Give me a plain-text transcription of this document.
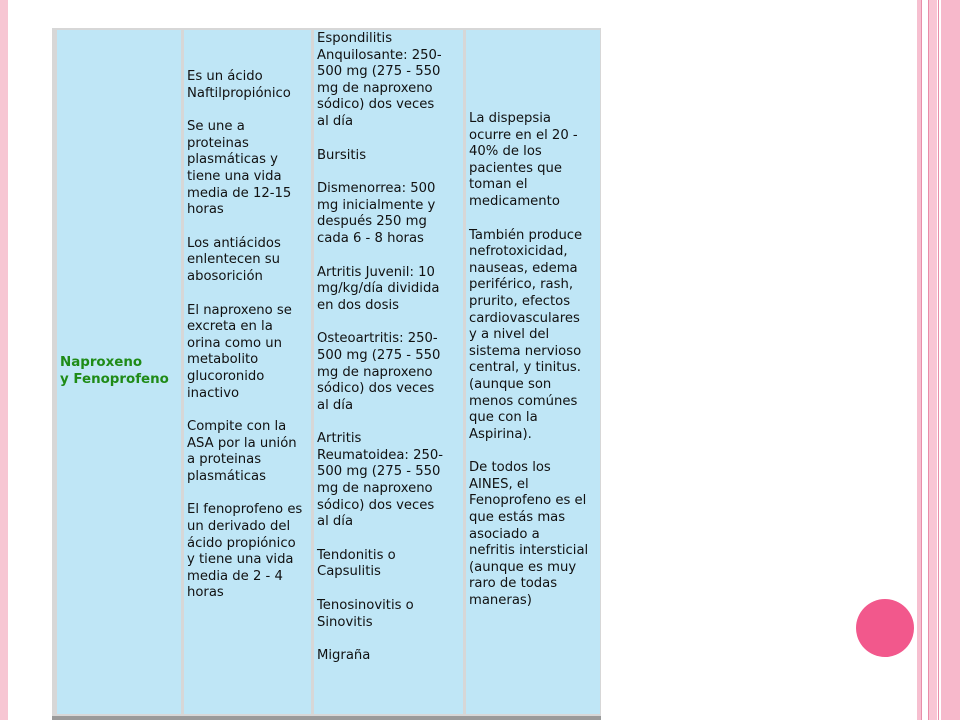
Naproxeno
y Fenoprofeno

Es un ácido
Naftilpropiónico

Se une a
proteinas
plasmáticas y
tiene una vida
media de 12-15
horas

Los antiácidos
enlentecen su
abosorición

El naproxeno se
excreta en la
orina como un
metabolito
glucoronido
inactivo

Compite con la
ASA por la unión
a proteinas
plasmáticas

El fenoprofeno es
un derivado del
ácido propiónico
y tiene una vida
media de 2 - 4
horas

Espondilitis
Anquilosante: 250-
500 mg (275 - 550
mg de naproxeno
sódico) dos veces
al día

Bursitis

Dismenorrea: 500
mg inicialmente y
después 250 mg
cada 6 - 8 horas

Artritis Juvenil: 10
mg/kg/día dividida
en dos dosis

Osteoartritis: 250-
500 mg (275 - 550
mg de naproxeno
sódico) dos veces
al día

Artritis
Reumatoidea: 250-
500 mg (275 - 550
mg de naproxeno
sódico) dos veces
al día

Tendonitis o
Capsulitis

Tenosinovitis o
Sinovitis

Migraña

La dispepsia
ocurre en el 20 -
40% de los
pacientes que
toman el
medicamento

También produce
nefrotoxicidad,
nauseas, edema
periférico, rash,
prurito, efectos
cardiovasculares
y a nivel del
sistema nervioso
central, y tinitus.
(aunque son
menos comúnes
que con la
Aspirina).

De todos los
AINES, el
Fenoprofeno es el
que estás mas
asociado a
nefritis intersticial
(aunque es muy
raro de todas
maneras)
